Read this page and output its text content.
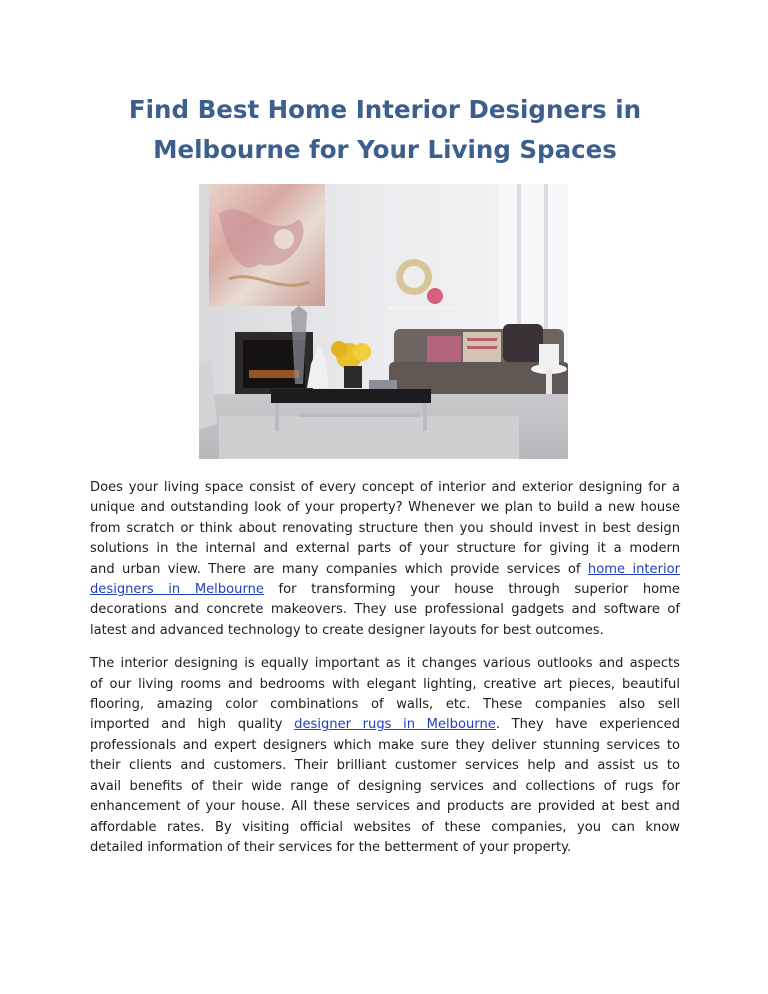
Find Best Home Interior Designers in
Melbourne for Your Living Spaces

Does your living space consist of every concept of interior and exterior designing for a
unique and outstanding look of your property? Whenever we plan to build a new house
from scratch or think about renovating structure then you should invest in best design
solutions in the internal and external parts of your structure for giving it a modern
and urban view. There are many companies which provide services of home interior
designers in Melbourne for transforming your house through superior home
decorations and concrete makeovers. They use professional gadgets and software of
latest and advanced technology to create designer layouts for best outcomes.

The interior designing is equally important as it changes various outlooks and aspects
of our living rooms and bedrooms with elegant lighting, creative art pieces, beautiful
flooring, amazing color combinations of walls, etc. These companies also sell
imported and high quality designer rugs in Melbourne. They have experienced
professionals and expert designers which make sure they deliver stunning services to
their clients and customers. Their brilliant customer services help and assist us to
avail benefits of their wide range of designing services and collections of rugs for
enhancement of your house. All these services and products are provided at best and
affordable rates. By visiting official websites of these companies, you can know
detailed information of their services for the betterment of your property.
